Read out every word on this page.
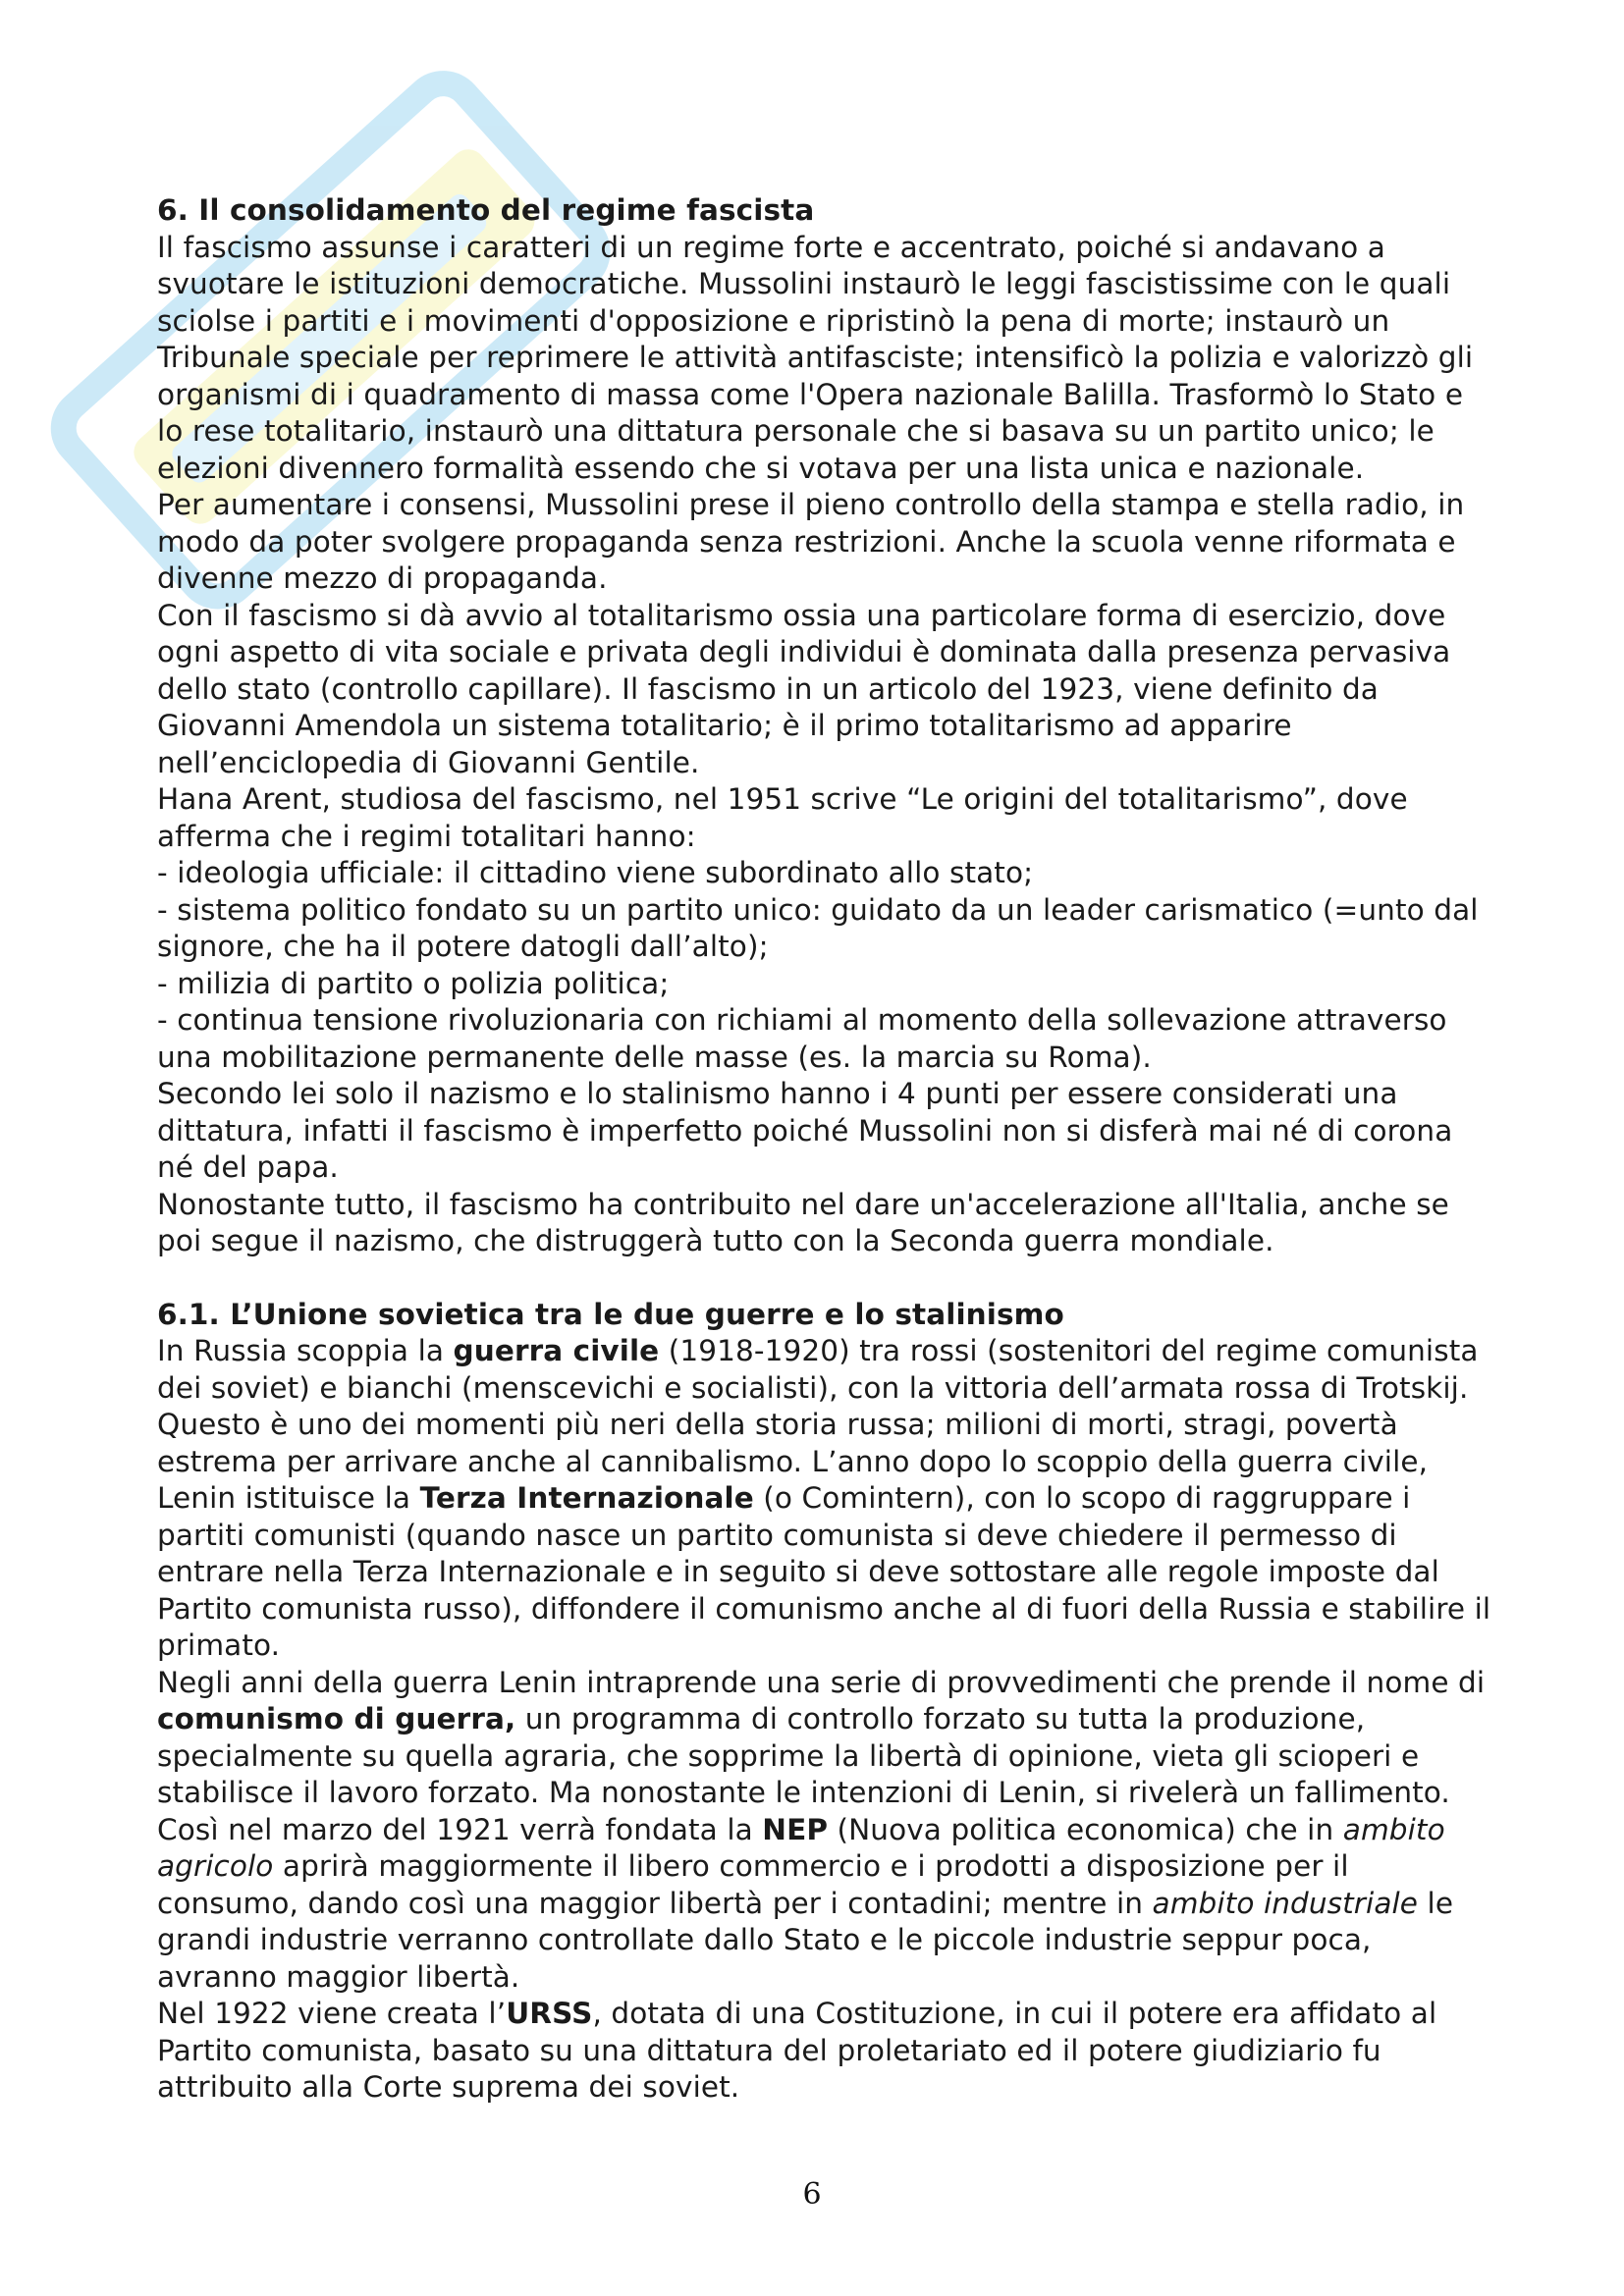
6. Il consolidamento del regime fascista

Il fascismo assunse i caratteri di un regime forte e accentrato, poiché si andavano a svuotare le istituzioni democratiche. Mussolini instaurò le leggi fascistissime con le quali sciolse i partiti e i movimenti d'opposizione e ripristinò la pena di morte; instaurò un Tribunale speciale per reprimere le attività antifasciste; intensificò la polizia e valorizzò gli organismi di i quadramento di massa come l'Opera nazionale Balilla. Trasformò lo Stato e lo rese totalitario, instaurò una dittatura personale che si basava su un partito unico; le elezioni divennero formalità essendo che si votava per una lista unica e nazionale.

Per aumentare i consensi, Mussolini prese il pieno controllo della stampa e stella radio, in modo da poter svolgere propaganda senza restrizioni. Anche la scuola venne riformata e divenne mezzo di propaganda.

Con il fascismo si dà avvio al totalitarismo ossia una particolare forma di esercizio, dove ogni aspetto di vita sociale e privata degli individui è dominata dalla presenza pervasiva dello stato (controllo capillare). Il fascismo in un articolo del 1923, viene definito da Giovanni Amendola un sistema totalitario; è il primo totalitarismo ad apparire nell’enciclopedia di Giovanni Gentile.

Hana Arent, studiosa del fascismo, nel 1951 scrive “Le origini del totalitarismo”, dove afferma che i regimi totalitari hanno:

- ideologia ufficiale: il cittadino viene subordinato allo stato;
- sistema politico fondato su un partito unico: guidato da un leader carismatico (=unto dal signore, che ha il potere datogli dall’alto);
- milizia di partito o polizia politica;
- continua tensione rivoluzionaria con richiami al momento della sollevazione attraverso una mobilitazione permanente delle masse (es. la marcia su Roma).

Secondo lei solo il nazismo e lo stalinismo hanno i 4 punti per essere considerati una dittatura, infatti il fascismo è imperfetto poiché Mussolini non si disferà mai né di corona né del papa.

Nonostante tutto, il fascismo ha contribuito nel dare un'accelerazione all'Italia, anche se poi segue il nazismo, che distruggerà tutto con la Seconda guerra mondiale.

6.1. L’Unione sovietica tra le due guerre e lo stalinismo

In Russia scoppia la guerra civile (1918-1920) tra rossi (sostenitori del regime comunista dei soviet) e bianchi (menscevichi e socialisti), con la vittoria dell’armata rossa di Trotskij. Questo è uno dei momenti più neri della storia russa; milioni di morti, stragi, povertà estrema per arrivare anche al cannibalismo. L’anno dopo lo scoppio della guerra civile, Lenin istituisce la Terza Internazionale (o Comintern), con lo scopo di raggruppare i partiti comunisti (quando nasce un partito comunista si deve chiedere il permesso di entrare nella Terza Internazionale e in seguito si deve sottostare alle regole imposte dal Partito comunista russo), diffondere il comunismo anche al di fuori della Russia e stabilire il primato.

Negli anni della guerra Lenin intraprende una serie di provvedimenti che prende il nome di comunismo di guerra, un programma di controllo forzato su tutta la produzione, specialmente su quella agraria, che sopprime la libertà di opinione, vieta gli scioperi e stabilisce il lavoro forzato. Ma nonostante le intenzioni di Lenin, si rivelerà un fallimento. Così nel marzo del 1921 verrà fondata la NEP (Nuova politica economica) che in ambito agricolo aprirà maggiormente il libero commercio e i prodotti a disposizione per il consumo, dando così una maggior libertà per i contadini; mentre in ambito industriale le grandi industrie verranno controllate dallo Stato e le piccole industrie seppur poca, avranno maggior libertà.

Nel 1922 viene creata l’URSS, dotata di una Costituzione, in cui il potere era affidato al Partito comunista, basato su una dittatura del proletariato ed il potere giudiziario fu attribuito alla Corte suprema dei soviet.

6
